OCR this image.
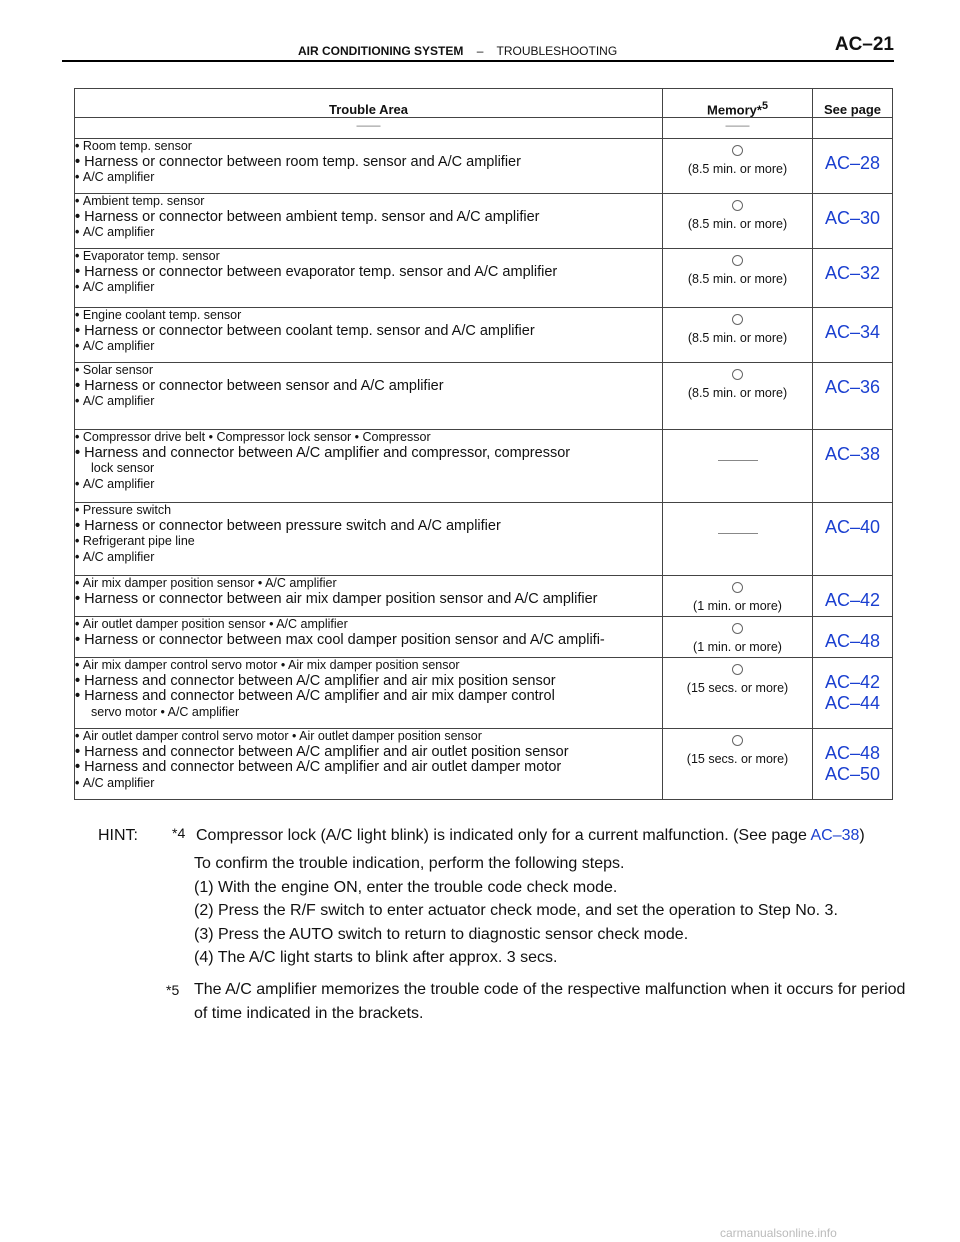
AIR CONDITIONING SYSTEM – TROUBLESHOOTING	AC–21
Trouble Area	Memory*$^5$	See page
——	——	

• Room temp. sensor
• Harness or connector between room temp. sensor and A/C amplifier
• A/C amplifier	(8.5 min. or more)	AC–28

• Ambient temp. sensor
• Harness or connector between ambient temp. sensor and A/C amplifier
• A/C amplifier	(8.5 min. or more)	AC–30

• Evaporator temp. sensor
• Harness or connector between evaporator temp. sensor and A/C amplifier
• A/C amplifier	(8.5 min. or more)	AC–32

• Engine coolant temp. sensor
• Harness or connector between coolant temp. sensor and A/C amplifier
• A/C amplifier	(8.5 min. or more)	AC–34

• Solar sensor
• Harness or connector between sensor and A/C amplifier
• A/C amplifier	(8.5 min. or more)	AC–36

• Compressor drive belt • Compressor lock sensor • Compressor
• Harness and connector between A/C amplifier and compressor, compressor
lock sensor
• A/C amplifier		AC–38

• Pressure switch
• Harness or connector between pressure switch and A/C amplifier
• Refrigerant pipe line
• A/C amplifier		AC–40

• Air mix damper position sensor • A/C amplifier
• Harness or connector between air mix damper position sensor and A/C amplifier	(1 min. or more)	AC–42

• Air outlet damper position sensor • A/C amplifier
• Harness or connector between max cool damper position sensor and A/C amplifi-	(1 min. or more)	AC–48

• Air mix damper control servo motor • Air mix damper position sensor
• Harness and connector between A/C amplifier and air mix position sensor
• Harness and connector between A/C amplifier and air mix damper control
servo motor • A/C amplifier	(15 secs. or more)	AC–42
AC–44

• Air outlet damper control servo motor • Air outlet damper position sensor
• Harness and connector between A/C amplifier and air outlet position sensor
• Harness and connector between A/C amplifier and air outlet damper motor
• A/C amplifier	(15 secs. or more)	AC–48
AC–50
HINT: *4 Compressor lock (A/C light blink) is indicated only for a current malfunction. (See page AC–38)
To confirm the trouble indication, perform the following steps.
(1) With the engine ON, enter the trouble code check mode.
(2) Press the R/F switch to enter actuator check mode, and set the operation to Step No. 3.
(3) Press the AUTO switch to return to diagnostic sensor check mode.
(4) The A/C light starts to blink after approx. 3 secs.
*5 The A/C amplifier memorizes the trouble code of the respective malfunction when it occurs for period of time indicated in the brackets.
carmanualsonline.info
